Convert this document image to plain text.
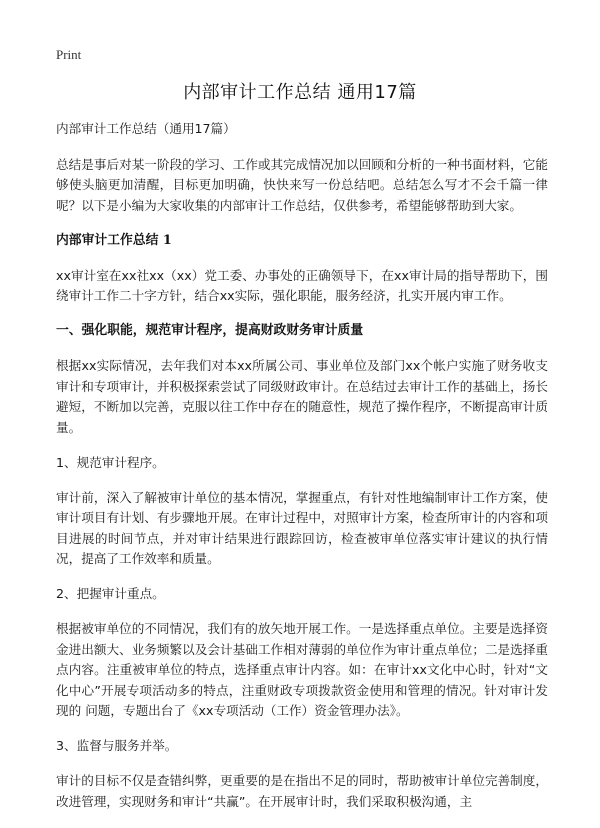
Print
内部审计工作总结 通用17篇

内部审计工作总结（通用17篇）

总结是事后对某一阶段的学习、工作或其完成情况加以回顾和分析的一种书面材料，它能够使头脑更加清醒，目标更加明确，快快来写一份总结吧。总结怎么写才不会千篇一律呢？以下是小编为大家收集的内部审计工作总结，仅供参考，希望能够帮助到大家。

内部审计工作总结 1

xx审计室在xx社xx（xx）党工委、办事处的正确领导下，在xx审计局的指导帮助下，围绕审计工作二十字方针，结合xx实际，强化职能，服务经济，扎实开展内审工作。

一、强化职能，规范审计程序，提高财政财务审计质量

根据xx实际情况，去年我们对本xx所属公司、事业单位及部门xx个帐户实施了财务收支审计和专项审计，并积极探索尝试了同级财政审计。在总结过去审计工作的基础上，扬长避短，不断加以完善，克服以往工作中存在的随意性，规范了操作程序，不断提高审计质量。

1、规范审计程序。

审计前，深入了解被审计单位的基本情况，掌握重点，有针对性地编制审计工作方案，使审计项目有计划、有步骤地开展。在审计过程中，对照审计方案，检查所审计的内容和项目进展的时间节点，并对审计结果进行跟踪回访，检查被审单位落实审计建议的执行情况，提高了工作效率和质量。

2、把握审计重点。

根据被审单位的不同情况，我们有的放矢地开展工作。一是选择重点单位。主要是选择资金进出额大、业务频繁以及会计基础工作相对薄弱的单位作为审计重点单位；二是选择重点内容。注重被审单位的特点，选择重点审计内容。如：在审计xx文化中心时，针对“文化中心”开展专项活动多的特点，注重财政专项拨款资金使用和管理的情况。针对审计发现的 问题，专题出台了《xx专项活动（工作）资金管理办法》。

3、监督与服务并举。

审计的目标不仅是查错纠弊，更重要的是在指出不足的同时，帮助被审计单位完善制度，改进管理，实现财务和审计“共赢”。在开展审计时，我们采取积极沟通，主
